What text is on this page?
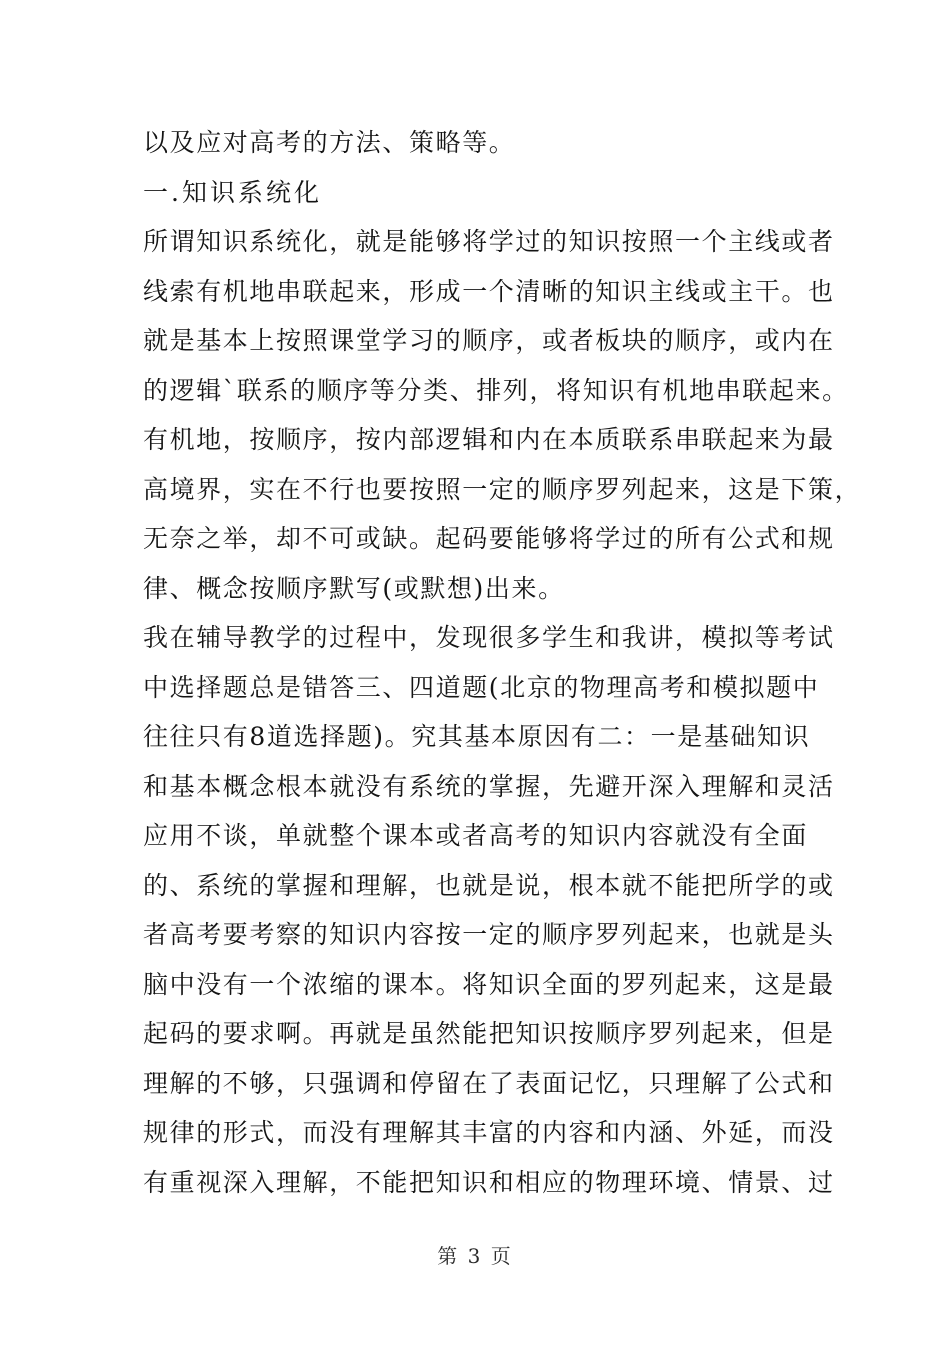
以及应对高考的方法、策略等。
一.知识系统化
所谓知识系统化，就是能够将学过的知识按照一个主线或者
线索有机地串联起来，形成一个清晰的知识主线或主干。也
就是基本上按照课堂学习的顺序，或者板块的顺序，或内在
的逻辑`联系的顺序等分类、排列，将知识有机地串联起来。
有机地，按顺序，按内部逻辑和内在本质联系串联起来为最
高境界，实在不行也要按照一定的顺序罗列起来，这是下策，
无奈之举，却不可或缺。起码要能够将学过的所有公式和规
律、概念按顺序默写(或默想)出来。
我在辅导教学的过程中，发现很多学生和我讲，模拟等考试
中选择题总是错答三、四道题(北京的物理高考和模拟题中
往往只有8道选择题)。究其基本原因有二：一是基础知识
和基本概念根本就没有系统的掌握，先避开深入理解和灵活
应用不谈，单就整个课本或者高考的知识内容就没有全面
的、系统的掌握和理解，也就是说，根本就不能把所学的或
者高考要考察的知识内容按一定的顺序罗列起来，也就是头
脑中没有一个浓缩的课本。将知识全面的罗列起来，这是最
起码的要求啊。再就是虽然能把知识按顺序罗列起来，但是
理解的不够，只强调和停留在了表面记忆，只理解了公式和
规律的形式，而没有理解其丰富的内容和内涵、外延，而没
有重视深入理解，不能把知识和相应的物理环境、情景、过
第 3 页
